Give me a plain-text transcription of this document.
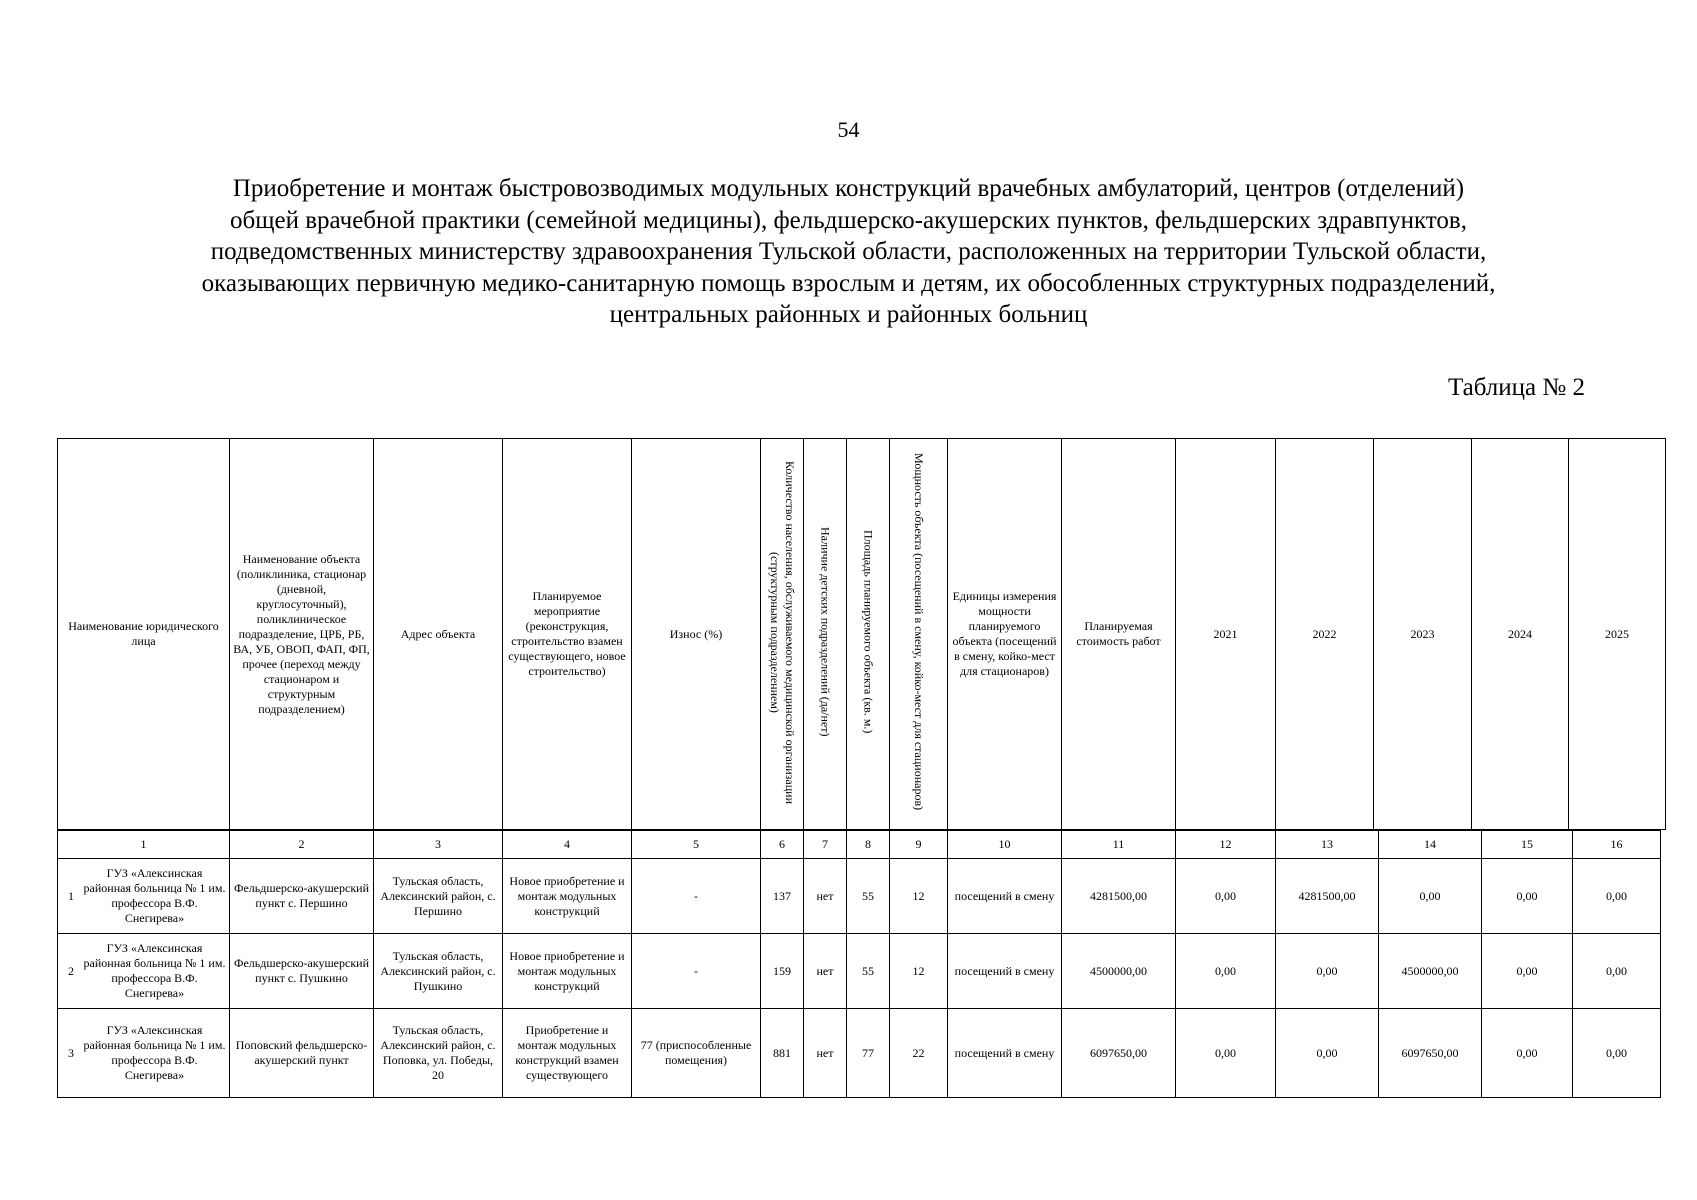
54
Приобретение и монтаж быстровозводимых модульных конструкций врачебных амбулаторий, центров (отделений)
общей врачебной практики (семейной медицины), фельдшерско-акушерских пунктов, фельдшерских здравпунктов,
подведомственных министерству здравоохранения Тульской области, расположенных на территории Тульской области,
оказывающих первичную медико-санитарную помощь взрослым и детям, их обособленных структурных подразделений,
центральных районных и районных больниц
Таблица № 2
Наименование юридического лица	Наименование объекта (поликлиника, стационар (дневной, круглосуточный), поликлиническое подразделение, ЦРБ, РБ, ВА, УБ, ОВОП, ФАП, ФП, прочее (переход между стационаром и структурным подразделением)	Адрес объекта	Планируемое мероприятие (реконструкция, строительство взамен существующего, новое строительство)	Износ (%)	Количество населения, обслуживаемого медицинской организации (структурным подразделением)	Наличие детских подразделений (да/нет)	Площадь планируемого объекта (кв. м.)	Мощность объекта (посещений в смену, койко-мест для стационаров)	Единицы измерения мощности планируемого объекта (посещений в смену, койко-мест для стационаров)	Планируемая стоимость работ	2021	2022	2023	2024	2025
1	2	3	4	5	6	7	8	9	10	11	12	13	14	15	16

1
ГУЗ «Алексинская районная больница № 1 им. профессора В.Ф. Снегирева»	Фельдшерско-акушерский пункт с. Першино	Тульская область, Алексинский район, с. Першино	Новое приобретение и монтаж модульных конструкций	-	137	нет	55	12	посещений в смену	4281500,00	0,00	4281500,00	0,00	0,00	0,00

2
ГУЗ «Алексинская районная больница № 1 им. профессора В.Ф. Снегирева»	Фельдшерско-акушерский пункт с. Пушкино	Тульская область, Алексинский район, с. Пушкино	Новое приобретение и монтаж модульных конструкций	-	159	нет	55	12	посещений в смену	4500000,00	0,00	0,00	4500000,00	0,00	0,00

3
ГУЗ «Алексинская районная больница № 1 им. профессора В.Ф. Снегирева»	Поповский фельдшерско-акушерский пункт	Тульская область, Алексинский район, с. Поповка, ул. Победы, 20	Приобретение и монтаж модульных конструкций взамен существующего	77 (приспособленные помещения)	881	нет	77	22	посещений в смену	6097650,00	0,00	0,00	6097650,00	0,00	0,00
